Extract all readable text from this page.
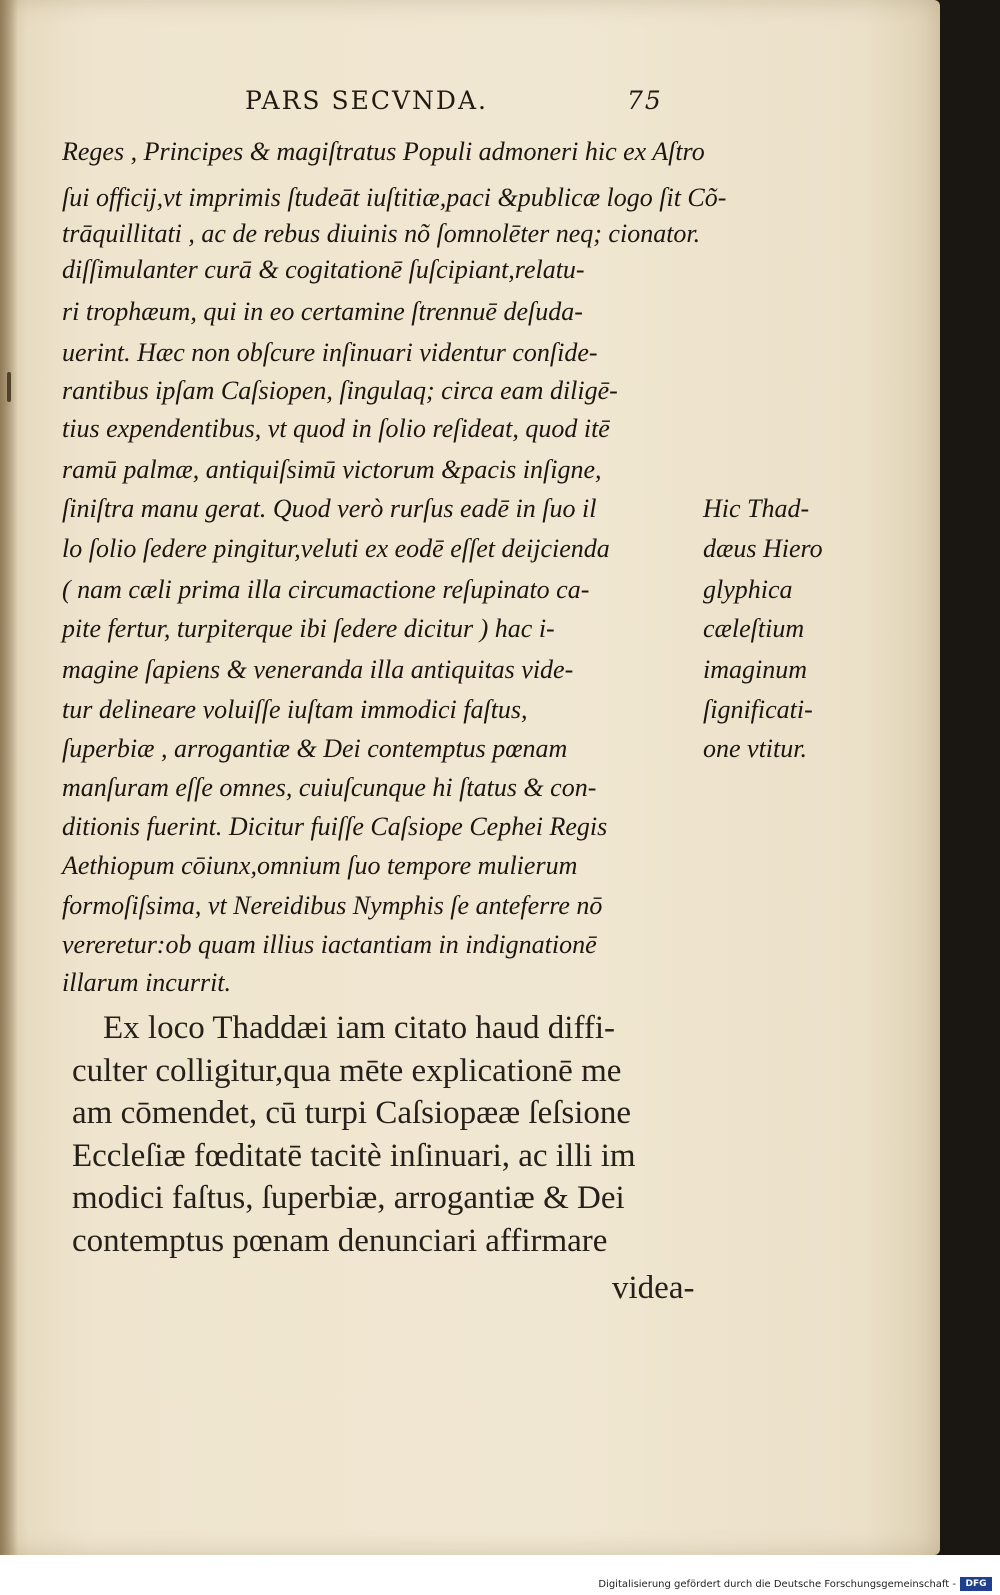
PARS SECVNDA.	75
Reges , Principes & magiſtratus Populi admoneri hic ex Aſtro
ſui officij,vt imprimis ſtudeāt iuſtitiæ,paci &publicæ logo ſit Cõ-
trāquillitati , ac de rebus diuinis nõ ſomnolēter neq; cionator.
diſſimulanter curā & cogitationē ſuſcipiant,relatu-
ri trophæum, qui in eo certamine ſtrennuē deſuda-
uerint. Hæc non obſcure inſinuari videntur conſide-
rantibus ipſam Caſsiopen, ſingulaq; circa eam diligē-
tius expendentibus, vt quod in ſolio reſideat, quod itē
ramū palmæ, antiquiſsimū victorum &pacis inſigne,
ſiniſtra manu gerat. Quod verò rurſus eadē in ſuo il
lo ſolio ſedere pingitur,veluti ex eodē eſſet deijcienda
( nam cæli prima illa circumactione reſupinato ca-
pite fertur, turpiterque ibi ſedere dicitur ) hac i-
magine ſapiens & veneranda illa antiquitas vide-
tur delineare voluiſſe iuſtam immodici faſtus,
ſuperbiæ , arrogantiæ & Dei contemptus pœnam
manſuram eſſe omnes, cuiuſcunque hi ſtatus & con-
ditionis fuerint. Dicitur fuiſſe Caſsiope Cephei Regis
Aethiopum cōiunx,omnium ſuo tempore mulierum
formoſiſsima, vt Nereidibus Nymphis ſe anteferre nō
vereretur:ob quam illius iactantiam in indignationē
illarum incurrit.
Hic Thad-
dæus Hiero
glyphica
cæleſtium
imaginum
ſignificati-
one vtitur.
Ex loco Thaddæi iam citato haud diffi-
culter colligitur,qua mēte explicationē me
am cōmendet, cū turpi Caſsiopææ ſeſsione
Eccleſiæ fœditatē tacitè inſinuari, ac illi im
modici faſtus, ſuperbiæ, arrogantiæ & Dei
contemptus pœnam denunciari affirmare
videa-
Digitalisierung gefördert durch die Deutsche Forschungsgemeinschaft -	DFG
